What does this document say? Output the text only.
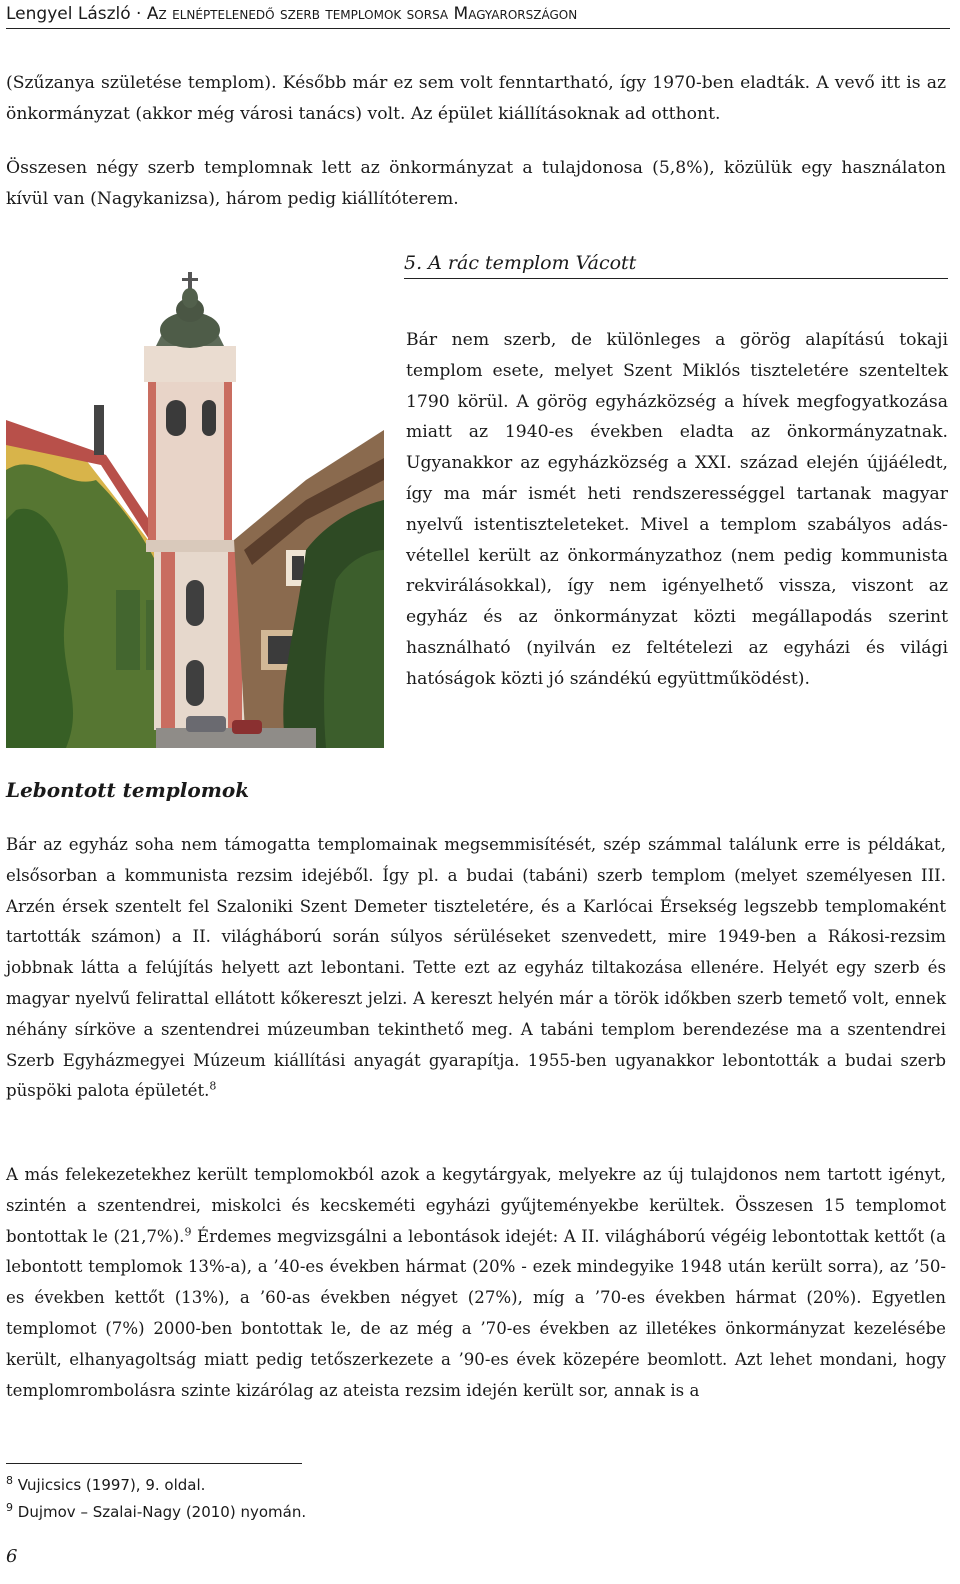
Lengyel László · Az elnéptelenedő szerb templomok sorsa Magyarországon

(Szűzanya születése templom). Később már ez sem volt fenntartható, így 1970-ben eladták. A vevő itt is az önkormányzat (akkor még városi tanács) volt. Az épület kiállításoknak ad otthont.

Összesen négy szerb templomnak lett az önkormányzat a tulajdonosa (5,8%), közülük egy használaton kívül van (Nagykanizsa), három pedig kiállítóterem.

5. A rác templom Vácott

Bár nem szerb, de különleges a görög alapítású tokaji templom esete, melyet Szent Miklós tiszteletére szenteltek 1790 körül. A görög egyházközség a hívek megfogyatkozása miatt az 1940-es években eladta az önkormányzatnak. Ugyanakkor az egyházközség a XXI. század elején újjáéledt, így ma már ismét heti rendszerességgel tartanak magyar nyelvű istentiszteleteket. Mivel a templom szabályos adás-vétellel került az önkormányzathoz (nem pedig kommunista rekvirálásokkal), így nem igényelhető vissza, viszont az egyház és az önkormányzat közti megállapodás szerint használható (nyilván ez feltételezi az egyházi és világi hatóságok közti jó szándékú együttműködést).

Lebontott templomok

Bár az egyház soha nem támogatta templomainak megsemmisítését, szép számmal találunk erre is példákat, elsősorban a kommunista rezsim idejéből. Így pl. a budai (tabáni) szerb templom (melyet személyesen III. Arzén érsek szentelt fel Szaloniki Szent Demeter tiszteletére, és a Karlócai Érsekség legszebb templomaként tartották számon) a II. világháború során súlyos sérüléseket szenvedett, mire 1949-ben a Rákosi-rezsim jobbnak látta a felújítás helyett azt lebontani. Tette ezt az egyház tiltakozása ellenére. Helyét egy szerb és magyar nyelvű felirattal ellátott kőkereszt jelzi. A kereszt helyén már a török időkben szerb temető volt, ennek néhány sírköve a szentendrei múzeumban tekinthető meg. A tabáni templom berendezése ma a szentendrei Szerb Egyházmegyei Múzeum kiállítási anyagát gyarapítja. 1955-ben ugyanakkor lebontották a budai szerb püspöki palota épületét.$^8$

A más felekezetekhez került templomokból azok a kegytárgyak, melyekre az új tulajdonos nem tartott igényt, szintén a szentendrei, miskolci és kecskeméti egyházi gyűjteményekbe kerültek. Összesen 15 templomot bontottak le (21,7%).$^9$ Érdemes megvizsgálni a lebontások idejét: A II. világháború végéig lebontottak kettőt (a lebontott templomok 13%-a), a ’40-es években hármat (20% - ezek mindegyike 1948 után került sorra), az ’50-es években kettőt (13%), a ’60-as években négyet (27%), míg a ’70-es években hármat (20%). Egyetlen templomot (7%) 2000-ben bontottak le, de az még a ’70-es években az illetékes önkormányzat kezelésébe került, elhanyagoltság miatt pedig tetőszerkezete a ’90-es évek közepére beomlott. Azt lehet mondani, hogy templomrombolásra szinte kizárólag az ateista rezsim idején került sor, annak is a

$^8$ Vujicsics (1997), 9. oldal.
$^9$ Dujmov – Szalai-Nagy (2010) nyomán.
6
